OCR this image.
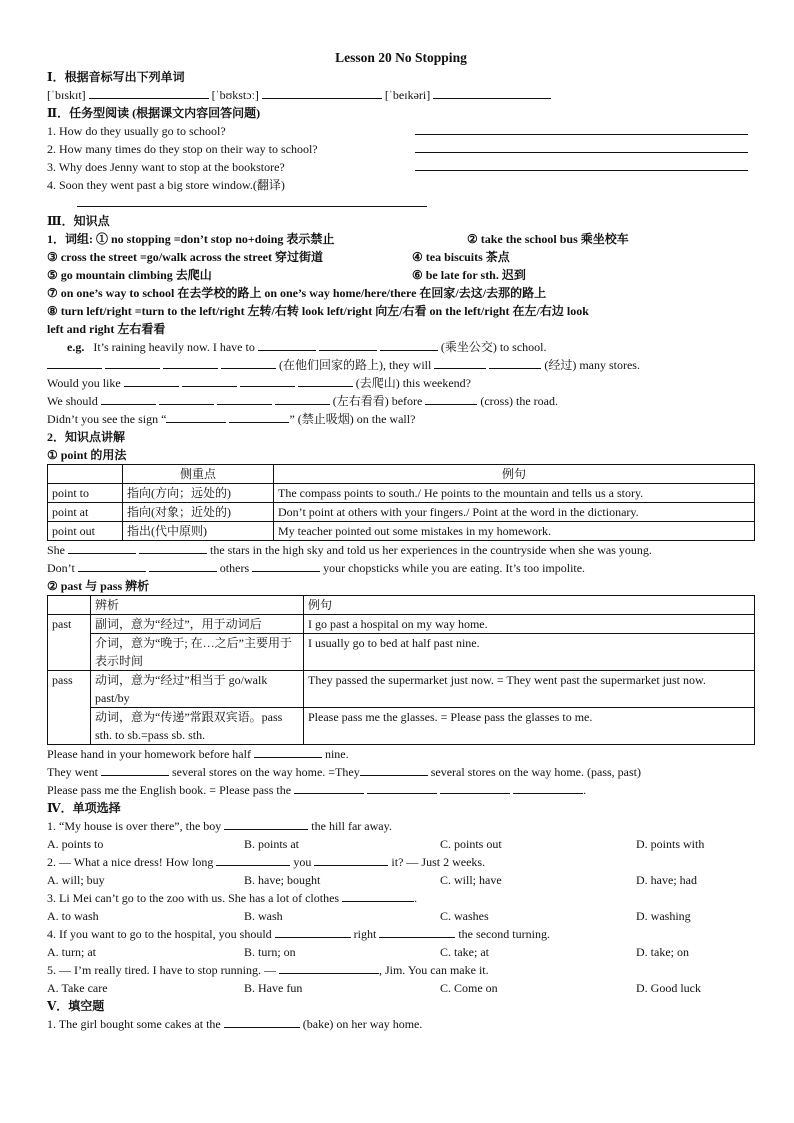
Lesson 20 No Stopping
Ⅰ．根据音标写出下列单词
[ˈbɪskɪt]	[ˈbʊkstɔː]	[ˈbeɪkəri]
Ⅱ．任务型阅读 (根据课文内容回答问题)
1. How do they usually go to school?
2. How many times do they stop on their way to school?
3. Why does Jenny want to stop at the bookstore?
4. Soon they went past a big store window.(翻译)
Ⅲ．知识点
1．词组: ① no stopping =don’t stop no+doing 表示禁止	② take the school bus 乘坐校车
③ cross the street =go/walk across the street 穿过街道	④ tea biscuits 茶点
⑤ go mountain climbing 去爬山	⑥ be late for sth. 迟到
⑦ on one’s way to school 在去学校的路上 on one’s way home/here/there 在回家/去这/去那的路上
⑧ turn left/right =turn to the left/right 左转/右转 look left/right 向左/右看 on the left/right 在左/右边 look
left and right 左右看看
e.g. It’s raining heavily now. I have to	(乘坐公交) to school.
(在他们回家的路上), they will	(经过) many stores.
Would you like	(去爬山) this weekend?
We should	(左右看看) before	(cross) the road.
Didn’t you see the sign “	” (禁止吸烟) on the wall?
2．知识点讲解
① point 的用法
	侧重点	例句
point to	指向(方向；远处的)	The compass points to south./ He points to the mountain and tells us a story.
point at	指向(对象；近处的)	Don’t point at others with your fingers./ Point at the word in the dictionary.
point out	指出(代中原则)	My teacher pointed out some mistakes in my homework.
She	the stars in the high sky and told us her experiences in the countryside when she was young.
Don’t	others	your chopsticks while you are eating. It’s too impolite.
② past 与 pass 辨析
	辨析	例句
past	副词，意为“经过”，用于动词后	I go past a hospital on my way home.
	介词，意为“晚于; 在…之后”主要用于表示时间	I usually go to bed at half past nine.
pass	动词，意为“经过”相当于 go/walk past/by	They passed the supermarket just now. = They went past the supermarket just now.
	动词，意为“传递”常跟双宾语。pass sth. to sb.=pass sb. sth.	Please pass me the glasses. = Please pass the glasses to me.
Please hand in your homework before half	nine.
They went	several stores on the way home. =They	several stores on the way home. (pass, past)
Please pass me the English book. = Please pass the	.
Ⅳ．单项选择
1. “My house is over there”, the boy	the hill far away.
A. points to	B. points at	C. points out	D. points with
2. — What a nice dress! How long	you	it? — Just 2 weeks.
A. will; buy	B. have; bought	C. will; have	D. have; had
3. Li Mei can’t go to the zoo with us. She has a lot of clothes	.
A. to wash	B. wash	C. washes	D. washing
4. If you want to go to the hospital, you should	right	the second turning.
A. turn; at	B. turn; on	C. take; at	D. take; on
5. — I’m really tired. I have to stop running. —	, Jim. You can make it.
A. Take care	B. Have fun	C. Come on	D. Good luck
Ⅴ．填空题
1. The girl bought some cakes at the	(bake) on her way home.
